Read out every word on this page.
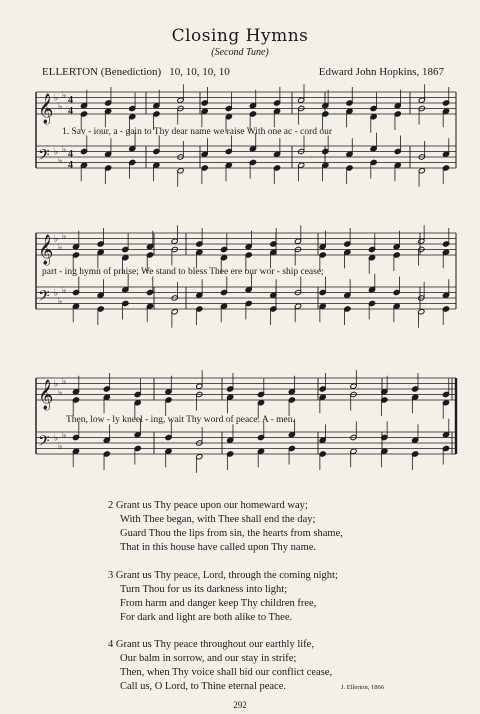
Closing Hymns
(Second Tune)
ELLERTON (Benediction) 10, 10, 10, 10	Edward John Hopkins, 1867
𝄞 ♭
♭
♭ 4
4
𝄢 ♭
♭
♭ 4
4
1. Sav - iour, a - gain to Thy dear name we raise With one ac - cord our
𝄞 ♭
♭
♭
𝄢 ♭
♭
♭
part - ing hymn of praise; We stand to bless Thee ere our wor - ship cease;
𝄞 ♭
♭
♭
𝄢 ♭
♭
♭
Then, low - ly kneel - ing, wait Thy word of peace. A - men.
2 Grant us Thy peace upon our homeward way;
With Thee began, with Thee shall end the day;
Guard Thou the lips from sin, the hearts from shame,
That in this house have called upon Thy name.
3 Grant us Thy peace, Lord, through the coming night;
Turn Thou for us its darkness into light;
From harm and danger keep Thy children free,
For dark and light are both alike to Thee.
4 Grant us Thy peace throughout our earthly life,
Our balm in sorrow, and our stay in strife;
Then, when Thy voice shall bid our conflict cease,
Call us, O Lord, to Thine eternal peace.	J. Ellerton, 1866
292
